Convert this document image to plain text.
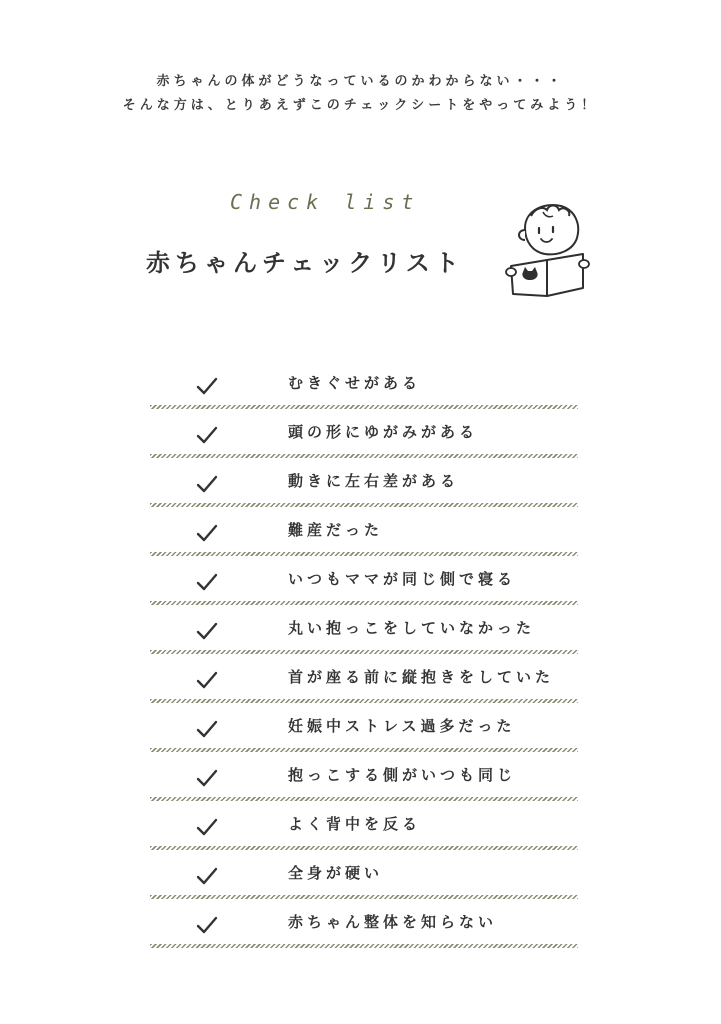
赤ちゃんの体がどうなっているのかわからない・・・
そんな方は、とりあえずこのチェックシートをやってみよう！
Check list
赤ちゃんチェックリスト
むきぐせがある
頭の形にゆがみがある
動きに左右差がある
難産だった
いつもママが同じ側で寝る
丸い抱っこをしていなかった
首が座る前に縦抱きをしていた
妊娠中ストレス過多だった
抱っこする側がいつも同じ
よく背中を反る
全身が硬い
赤ちゃん整体を知らない
